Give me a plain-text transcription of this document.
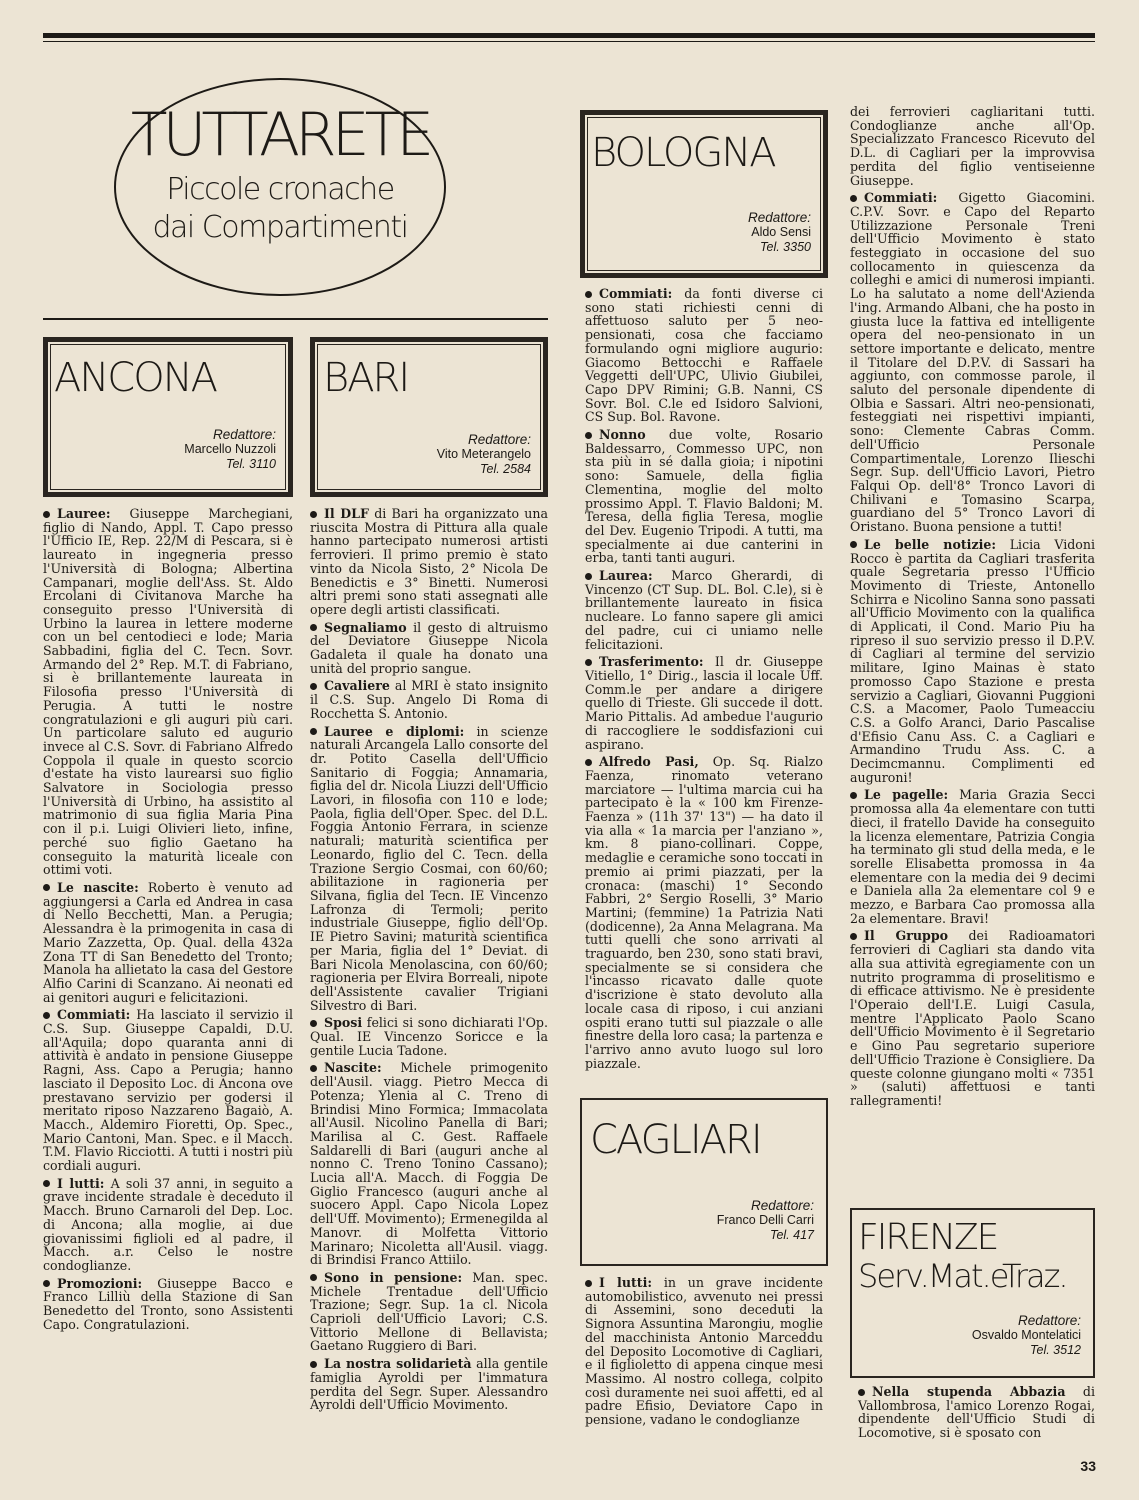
TUTTARETE
Piccole cronache
dai Compartimenti
ANCONA
Redattore:
Marcello Nuzzoli
Tel. 3110
BARI
Redattore:
Vito Meterangelo
Tel. 2584

Lauree: Giuseppe Marchegiani, figlio di Nando, Appl. T. Capo presso l'Ufficio IE, Rep. 22/M di Pescara, si è laureato in ingegneria presso l'Università di Bologna; Albertina Campanari, moglie dell'Ass. St. Aldo Ercolani di Civitanova Marche ha conseguito presso l'Università di Urbino la laurea in lettere moderne con un bel centodieci e lode; Maria Sabbadini, figlia del C. Tecn. Sovr. Armando del 2° Rep. M.T. di Fabriano, si è brillantemente laureata in Filosofia presso l'Università di Perugia. A tutti le nostre congratulazioni e gli auguri più cari. Un particolare saluto ed augurio invece al C.S. Sovr. di Fabriano Alfredo Coppola il quale in questo scorcio d'estate ha visto laurearsi suo figlio Salvatore in Sociologia presso l'Università di Urbino, ha assistito al matrimonio di sua figlia Maria Pina con il p.i. Luigi Olivieri lieto, infine, perché suo figlio Gaetano ha conseguito la maturità liceale con ottimi voti.

Le nascite: Roberto è venuto ad aggiungersi a Carla ed Andrea in casa di Nello Becchetti, Man. a Perugia; Alessandra è la primogenita in casa di Mario Zazzetta, Op. Qual. della 432a Zona TT di San Benedetto del Tronto; Manola ha allietato la casa del Gestore Alfio Carini di Scanzano. Ai neonati ed ai genitori auguri e felicitazioni.

Commiati: Ha lasciato il servizio il C.S. Sup. Giuseppe Capaldi, D.U. all'Aquila; dopo quaranta anni di attività è andato in pensione Giuseppe Ragni, Ass. Capo a Perugia; hanno lasciato il Deposito Loc. di Ancona ove prestavano servizio per godersi il meritato riposo Nazzareno Bagaiò, A. Macch., Aldemiro Fioretti, Op. Spec., Mario Cantoni, Man. Spec. e il Macch. T.M. Flavio Ricciotti. A tutti i nostri più cordiali auguri.

I lutti: A soli 37 anni, in seguito a grave incidente stradale è deceduto il Macch. Bruno Carnaroli del Dep. Loc. di Ancona; alla moglie, ai due giovanissimi figlioli ed al padre, il Macch. a.r. Celso le nostre condoglianze.

Promozioni: Giuseppe Bacco e Franco Lilliù della Stazione di San Benedetto del Tronto, sono Assistenti Capo. Congratulazioni.

Il DLF di Bari ha organizzato una riuscita Mostra di Pittura alla quale hanno partecipato numerosi artisti ferrovieri. Il primo premio è stato vinto da Nicola Sisto, 2° Nicola De Benedictis e 3° Binetti. Numerosi altri premi sono stati assegnati alle opere degli artisti classificati.

Segnaliamo il gesto di altruismo del Deviatore Giuseppe Nicola Gadaleta il quale ha donato una unità del proprio sangue.

Cavaliere al MRI è stato insignito il C.S. Sup. Angelo Di Roma di Rocchetta S. Antonio.

Lauree e diplomi: in scienze naturali Arcangela Lallo consorte del dr. Potito Casella dell'Ufficio Sanitario di Foggia; Annamaria, figlia del dr. Nicola Liuzzi dell'Ufficio Lavori, in filosofia con 110 e lode; Paola, figlia dell'Oper. Spec. del D.L. Foggia Antonio Ferrara, in scienze naturali; maturità scientifica per Leonardo, figlio del C. Tecn. della Trazione Sergio Cosmai, con 60/60; abilitazione in ragioneria per Silvana, figlia del Tecn. IE Vincenzo Lafronza di Termoli; perito industriale Giuseppe, figlio dell'Op. IE Pietro Savini; maturità scientifica per Maria, figlia del 1° Deviat. di Bari Nicola Menolascina, con 60/60; ragioneria per Elvira Borreali, nipote dell'Assistente cavalier Trigiani Silvestro di Bari.

Sposi felici si sono dichiarati l'Op. Qual. IE Vincenzo Soricce e la gentile Lucia Tadone.

Nascite: Michele primogenito dell'Ausil. viagg. Pietro Mecca di Potenza; Ylenia al C. Treno di Brindisi Mino Formica; Immacolata all'Ausil. Nicolino Panella di Bari; Marilisa al C. Gest. Raffaele Saldarelli di Bari (auguri anche al nonno C. Treno Tonino Cassano); Lucia all'A. Macch. di Foggia De Giglio Francesco (auguri anche al suocero Appl. Capo Nicola Lopez dell'Uff. Movimento); Ermenegilda al Manovr. di Molfetta Vittorio Marinaro; Nicoletta all'Ausil. viagg. di Brindisi Franco Attiilo.

Sono in pensione: Man. spec. Michele Trentadue dell'Ufficio Trazione; Segr. Sup. 1a cl. Nicola Caprioli dell'Ufficio Lavori; C.S. Vittorio Mellone di Bellavista; Gaetano Ruggiero di Bari.

La nostra solidarietà alla gentile famiglia Ayroldi per l'immatura perdita del Segr. Super. Alessandro Ayroldi dell'Ufficio Movimento.

BOLOGNA
Redattore:
Aldo Sensi
Tel. 3350

Commiati: da fonti diverse ci sono stati richiesti cenni di affettuoso saluto per 5 neo-pensionati, cosa che facciamo formulando ogni migliore augurio: Giacomo Bettocchi e Raffaele Veggetti dell'UPC, Ulivio Giubilei, Capo DPV Rimini; G.B. Nanni, CS Sovr. Bol. C.le ed Isidoro Salvioni, CS Sup. Bol. Ravone.

Nonno due volte, Rosario Baldessarro, Commesso UPC, non sta più in sé dalla gioia; i nipotini sono: Samuele, della figlia Clementina, moglie del molto prossimo Appl. T. Flavio Baldoni; M. Teresa, della figlia Teresa, moglie del Dev. Eugenio Tripodi. A tutti, ma specialmente ai due canterini in erba, tanti tanti auguri.

Laurea: Marco Gherardi, di Vincenzo (CT Sup. DL. Bol. C.le), si è brillantemente laureato in fisica nucleare. Lo fanno sapere gli amici del padre, cui ci uniamo nelle felicitazioni.

Trasferimento: Il dr. Giuseppe Vitiello, 1° Dirig., lascia il locale Uff. Comm.le per andare a dirigere quello di Trieste. Gli succede il dott. Mario Pittalis. Ad ambedue l'augurio di raccogliere le soddisfazioni cui aspirano.

Alfredo Pasi, Op. Sq. Rialzo Faenza, rinomato veterano marciatore — l'ultima marcia cui ha partecipato è la « 100 km Firenze-Faenza » (11h 37' 13") — ha dato il via alla « 1a marcia per l'anziano », km. 8 piano-collinari. Coppe, medaglie e ceramiche sono toccati in premio ai primi piazzati, per la cronaca: (maschi) 1° Secondo Fabbri, 2° Sergio Roselli, 3° Mario Martini; (femmine) 1a Patrizia Nati (dodicenne), 2a Anna Melagrana. Ma tutti quelli che sono arrivati al traguardo, ben 230, sono stati bravi, specialmente se si considera che l'incasso ricavato dalle quote d'iscrizione è stato devoluto alla locale casa di riposo, i cui anziani ospiti erano tutti sul piazzale o alle finestre della loro casa; la partenza e l'arrivo anno avuto luogo sul loro piazzale.

CAGLIARI
Redattore:
Franco Delli Carri
Tel. 417

I lutti: in un grave incidente automobilistico, avvenuto nei pressi di Assemini, sono deceduti la Signora Assuntina Marongiu, moglie del macchinista Antonio Marceddu del Deposito Locomotive di Cagliari, e il figlioletto di appena cinque mesi Massimo. Al nostro collega, colpito così duramente nei suoi affetti, ed al padre Efisio, Deviatore Capo in pensione, vadano le condoglianze

dei ferrovieri cagliaritani tutti. Condoglianze anche all'Op. Specializzato Francesco Ricevuto del D.L. di Cagliari per la improvvisa perdita del figlio ventiseienne Giuseppe.

Commiati: Gigetto Giacomini. C.P.V. Sovr. e Capo del Reparto Utilizzazione Personale Treni dell'Ufficio Movimento è stato festeggiato in occasione del suo collocamento in quiescenza da colleghi e amici di numerosi impianti. Lo ha salutato a nome dell'Azienda l'ing. Armando Albani, che ha posto in giusta luce la fattiva ed intelligente opera del neo-pensionato in un settore importante e delicato, mentre il Titolare del D.P.V. di Sassari ha aggiunto, con commosse parole, il saluto del personale dipendente di Olbia e Sassari. Altri neo-pensionati, festeggiati nei rispettivi impianti, sono: Clemente Cabras Comm. dell'Ufficio Personale Compartimentale, Lorenzo Ilieschi Segr. Sup. dell'Ufficio Lavori, Pietro Falqui Op. dell'8° Tronco Lavori di Chilivani e Tomasino Scarpa, guardiano del 5° Tronco Lavori di Oristano. Buona pensione a tutti!

Le belle notizie: Licia Vidoni Rocco è partita da Cagliari trasferita quale Segretaria presso l'Ufficio Movimento di Trieste, Antonello Schirra e Nicolino Sanna sono passati all'Ufficio Movimento con la qualifica di Applicati, il Cond. Mario Piu ha ripreso il suo servizio presso il D.P.V. di Cagliari al termine del servizio militare, Igino Mainas è stato promosso Capo Stazione e presta servizio a Cagliari, Giovanni Puggioni C.S. a Macomer, Paolo Tumeacciu C.S. a Golfo Aranci, Dario Pascalise d'Efisio Canu Ass. C. a Cagliari e Armandino Trudu Ass. C. a Decimcmannu. Complimenti ed auguroni!

Le pagelle: Maria Grazia Secci promossa alla 4a elementare con tutti dieci, il fratello Davide ha conseguito la licenza elementare, Patrizia Congia ha terminato gli stud della meda, e le sorelle Elisabetta promossa in 4a elementare con la media dei 9 decimi e Daniela alla 2a elementare col 9 e mezzo, e Barbara Cao promossa alla 2a elementare. Bravi!

Il Gruppo dei Radioamatori ferrovieri di Cagliari sta dando vita alla sua attività egregiamente con un nutrito programma di proselitismo e di efficace attivismo. Ne è presidente l'Operaio dell'I.E. Luigi Casula, mentre l'Applicato Paolo Scano dell'Ufficio Movimento è il Segretario e Gino Pau segretario superiore dell'Ufficio Trazione è Consigliere. Da queste colonne giungano molti « 7351 » (saluti) affettuosi e tanti rallegramenti!

FIRENZE
Serv.Mat.eTraz.
Redattore:
Osvaldo Montelatici
Tel. 3512

Nella stupenda Abbazia di Vallombrosa, l'amico Lorenzo Rogai, dipendente dell'Ufficio Studi di Locomotive, si è sposato con

33
